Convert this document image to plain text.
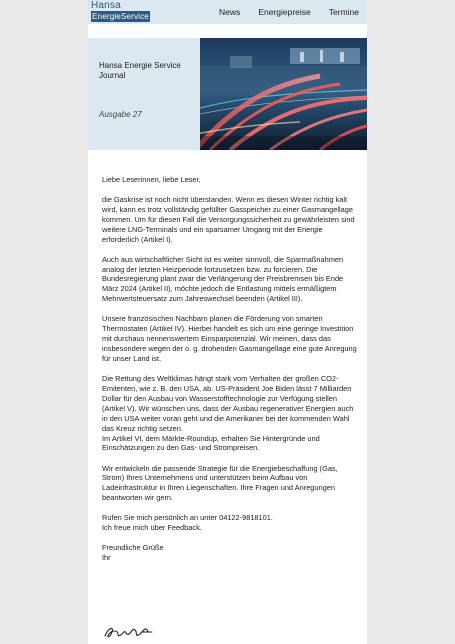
Hansa
EnergieService	News Energiepreise Termine
Hansa Energie Service Journal
Ausgabe 27

Liebe Leserinnen, liebe Leser,

die Gaskrise ist noch nicht überstanden. Wenn es diesen Winter richtig kalt wird, kann es trotz vollständig gefüllter Gasspeicher zu einer Gasmangellage kommen. Um für diesen Fall die Versorgungssicherheit zu gewährleisten sind weitere LNG-Terminals und ein sparsamer Umgang mit der Energie erforderlich (Artikel I).

Auch aus wirtschaftlicher Sicht ist es weiter sinnvoll, die Sparmaßnahmen analog der letzten Heizperiode fortzusetzen bzw. zu forcieren. Die Bundesregierung plant zwar die Verlängerung der Preisbremsen bis Ende März 2024 (Artikel II), möchte jedoch die Entlastung mittels ermäßigtem Mehrwertsteuersatz zum Jahreswechsel beenden (Artikel III).

Unsere französischen Nachbarn planen die Förderung von smarten Thermostaten (Artikel IV). Hierbei handelt es sich um eine geringe Investition mit durchaus nennenswertem Einsparpotenzial. Wir meinen, dass das insbesondere wegen der o. g. drohenden Gasmangellage eine gute Anregung für unser Land ist.

Die Rettung des Weltklimas hängt stark vom Verhalten der großen CO2-Emitenten, wie z. B. den USA, ab. US-Präsident Joe Biden lässt 7 Milliarden Dollar für den Ausbau von Wasserstofftechnologie zur Verfügung stellen (Artikel V). Wir wünschen uns, dass der Ausbau regenerativer Energien auch in den USA weiter voran geht und die Amerikaner bei der kommenden Wahl das Kreuz richtig setzen.
Im Artikel VI, dem Märkte-Roundup, erhalten Sie Hintergründe und Einschätzungen zu den Gas- und Strompreisen.

Wir entwickeln die passende Strategie für die Energiebeschaffung (Gas, Strom) Ihres Unternehmens und unterstützen beim Aufbau von Ladeinfrastruktur in Ihren Liegenschaften. Ihre Fragen und Anregungen beantworten wir gern.

Rufen Sie mich persönlich an unter 04122-9818101.
Ich freue mich über Feedback.

Freundliche Grüße
Ihr
